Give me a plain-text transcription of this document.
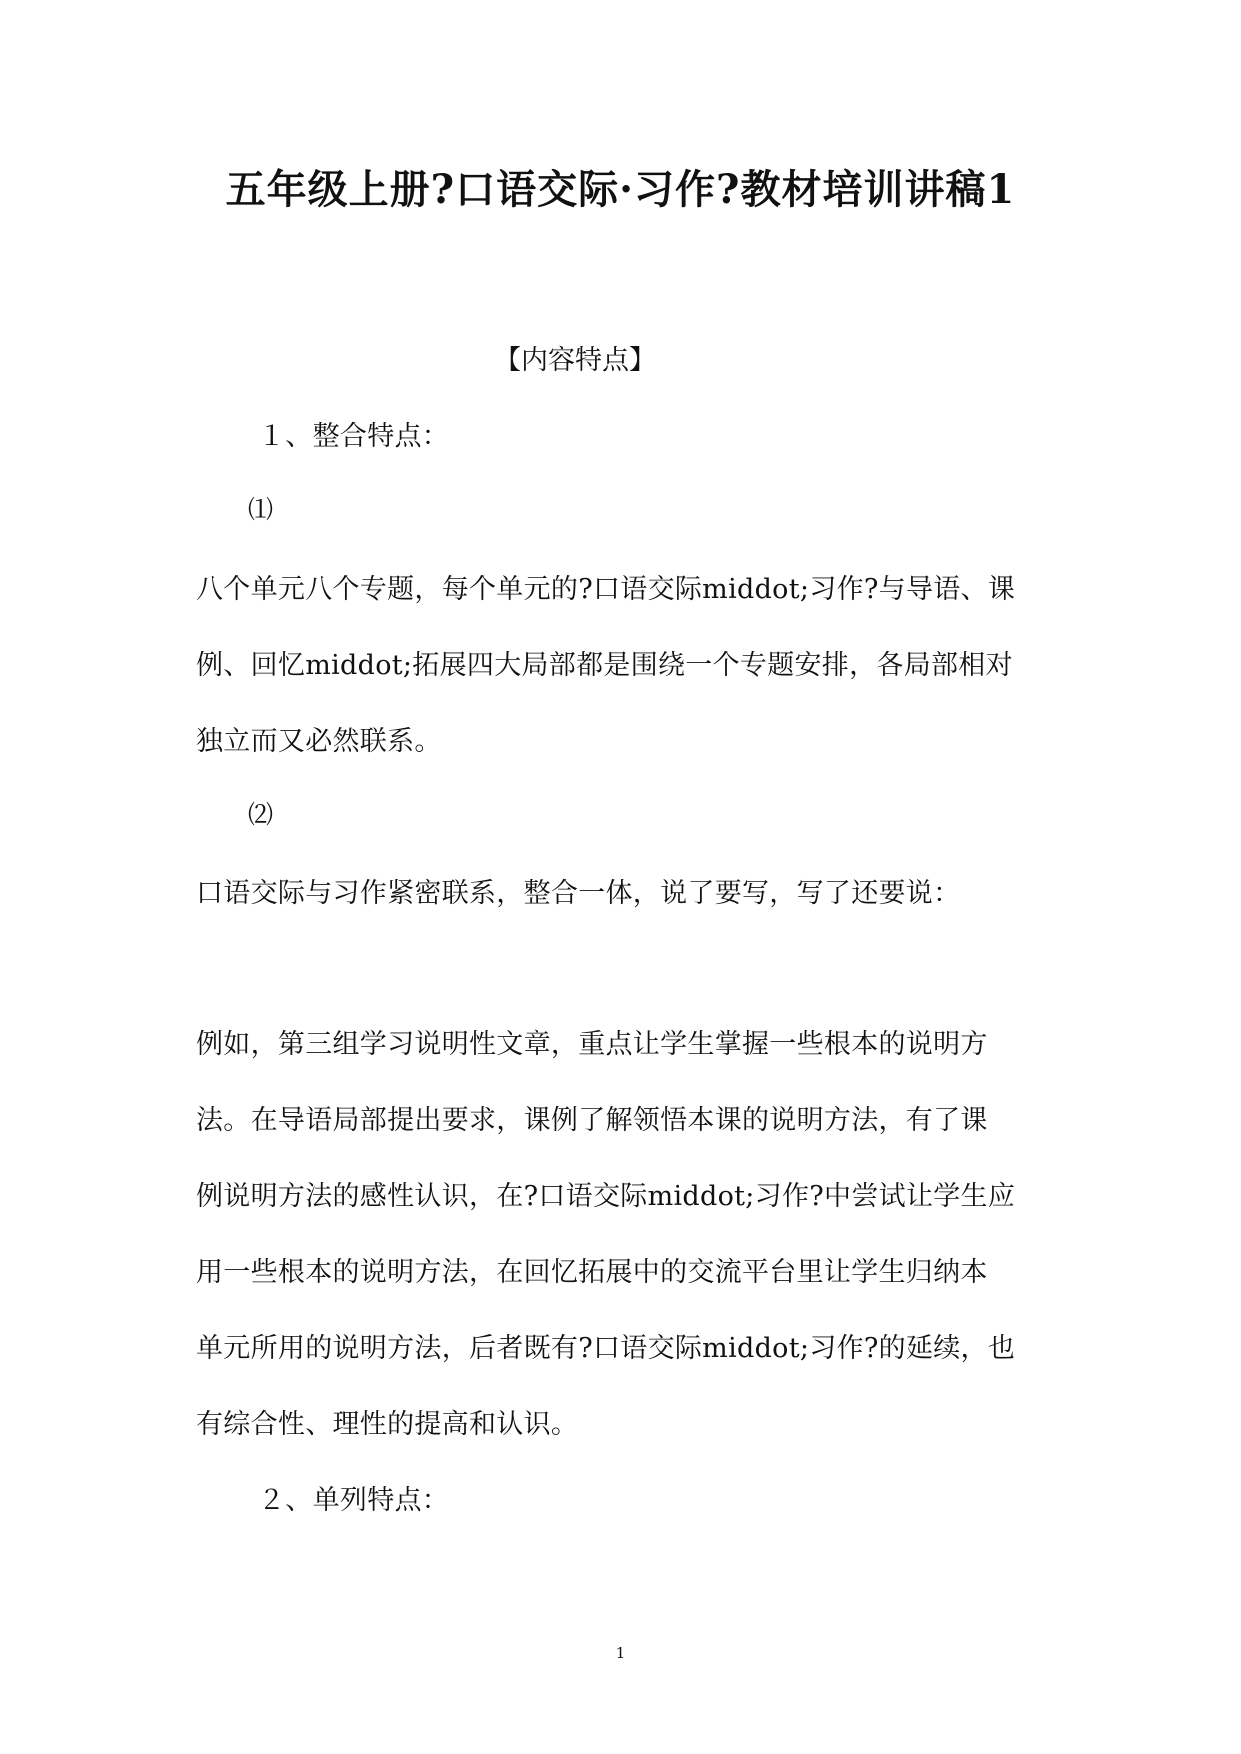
五年级上册?口语交际·习作?教材培训讲稿1
【内容特点】
１、整合特点：
⑴
八个单元八个专题，每个单元的?口语交际middot;习作?与导语、课
例、回忆middot;拓展四大局部都是围绕一个专题安排，各局部相对
独立而又必然联系。
⑵
口语交际与习作紧密联系，整合一体，说了要写，写了还要说：
例如，第三组学习说明性文章，重点让学生掌握一些根本的说明方
法。在导语局部提出要求，课例了解领悟本课的说明方法，有了课
例说明方法的感性认识，在?口语交际middot;习作?中尝试让学生应
用一些根本的说明方法，在回忆拓展中的交流平台里让学生归纳本
单元所用的说明方法，后者既有?口语交际middot;习作?的延续，也
有综合性、理性的提高和认识。
２、单列特点：
1
